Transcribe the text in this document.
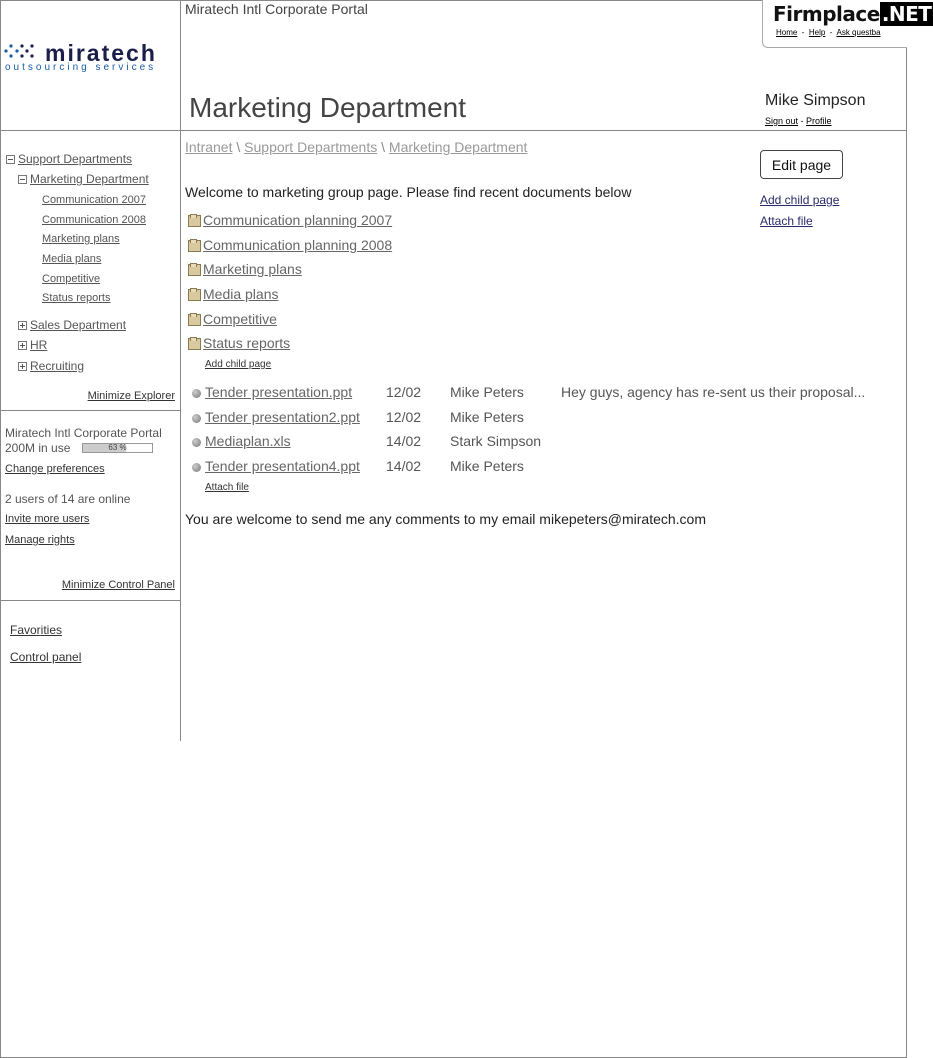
miratech
outsourcing services
Miratech Intl Corporate Portal
Marketing Department
Firmplace .NET
Home  -  Help  -  Ask questba
Mike Simpson
Sign out - Profile
Support Departments
Marketing Department
Communication 2007
Communication 2008
Marketing plans
Media plans
Competitive
Status reports
Sales Department
HR
Recruiting
Minimize Explorer
Miratech Intl Corporate Portal
200M in use	63 %
Change preferences
2 users of 14 are online
Invite more users
Manage rights
Minimize Control Panel
Favorities
Control panel
Intranet \ Support Departments \ Marketing Department
Welcome to marketing group page. Please find recent documents below
Communication planning 2007
Communication planning 2008
Marketing plans
Media plans
Competitive
Status reports
Add child page
Tender presentation.ppt 12/02 Mike Peters	Hey guys, agency has re-sent us their proposal...
Tender presentation2.ppt 12/02 Mike Peters
Mediaplan.xls	14/02 Stark Simpson
Tender presentation4.ppt 14/02 Mike Peters
Attach file
You are welcome to send me any comments to my email mikepeters@miratech.com
Edit page
Add child page
Attach file
